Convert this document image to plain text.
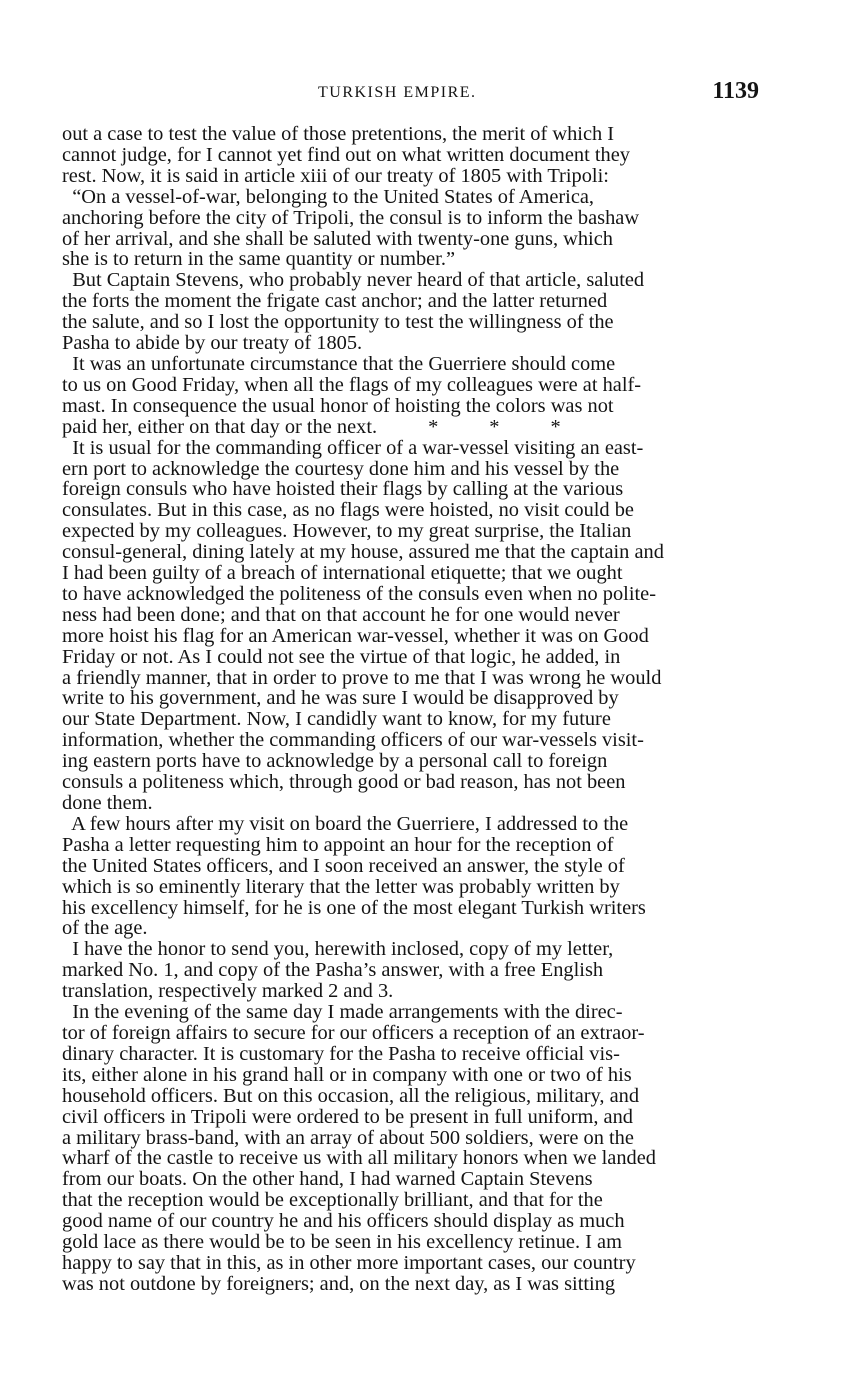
TURKISH EMPIRE.	1139
out a case to test the value of those pretentions, the merit of which I
cannot judge, for I cannot yet find out on what written document they
rest. Now, it is said in article xiii of our treaty of 1805 with Tripoli:
“On a vessel-of-war, belonging to the United States of America,
anchoring before the city of Tripoli, the consul is to inform the bashaw
of her arrival, and she shall be saluted with twenty-one guns, which
she is to return in the same quantity or number.”
But Captain Stevens, who probably never heard of that article, saluted
the forts the moment the frigate cast anchor; and the latter returned
the salute, and so I lost the opportunity to test the willingness of the
Pasha to abide by our treaty of 1805.
It was an unfortunate circumstance that the Guerriere should come
to us on Good Friday, when all the flags of my colleagues were at half-
mast. In consequence the usual honor of hoisting the colors was not
paid her, either on that day or the next.          *          *          *
It is usual for the commanding officer of a war-vessel visiting an east-
ern port to acknowledge the courtesy done him and his vessel by the
foreign consuls who have hoisted their flags by calling at the various
consulates. But in this case, as no flags were hoisted, no visit could be
expected by my colleagues. However, to my great surprise, the Italian
consul-general, dining lately at my house, assured me that the captain and
I had been guilty of a breach of international etiquette; that we ought
to have acknowledged the politeness of the consuls even when no polite-
ness had been done; and that on that account he for one would never
more hoist his flag for an American war-vessel, whether it was on Good
Friday or not. As I could not see the virtue of that logic, he added, in
a friendly manner, that in order to prove to me that I was wrong he would
write to his government, and he was sure I would be disapproved by
our State Department. Now, I candidly want to know, for my future
information, whether the commanding officers of our war-vessels visit-
ing eastern ports have to acknowledge by a personal call to foreign
consuls a politeness which, through good or bad reason, has not been
done them.
A few hours after my visit on board the Guerriere, I addressed to the
Pasha a letter requesting him to appoint an hour for the reception of
the United States officers, and I soon received an answer, the style of
which is so eminently literary that the letter was probably written by
his excellency himself, for he is one of the most elegant Turkish writers
of the age.
I have the honor to send you, herewith inclosed, copy of my letter,
marked No. 1, and copy of the Pasha’s answer, with a free English
translation, respectively marked 2 and 3.
In the evening of the same day I made arrangements with the direc-
tor of foreign affairs to secure for our officers a reception of an extraor-
dinary character. It is customary for the Pasha to receive official vis-
its, either alone in his grand hall or in company with one or two of his
household officers. But on this occasion, all the religious, military, and
civil officers in Tripoli were ordered to be present in full uniform, and
a military brass-band, with an array of about 500 soldiers, were on the
wharf of the castle to receive us with all military honors when we landed
from our boats. On the other hand, I had warned Captain Stevens
that the reception would be exceptionally brilliant, and that for the
good name of our country he and his officers should display as much
gold lace as there would be to be seen in his excellency retinue. I am
happy to say that in this, as in other more important cases, our country
was not outdone by foreigners; and, on the next day, as I was sitting
